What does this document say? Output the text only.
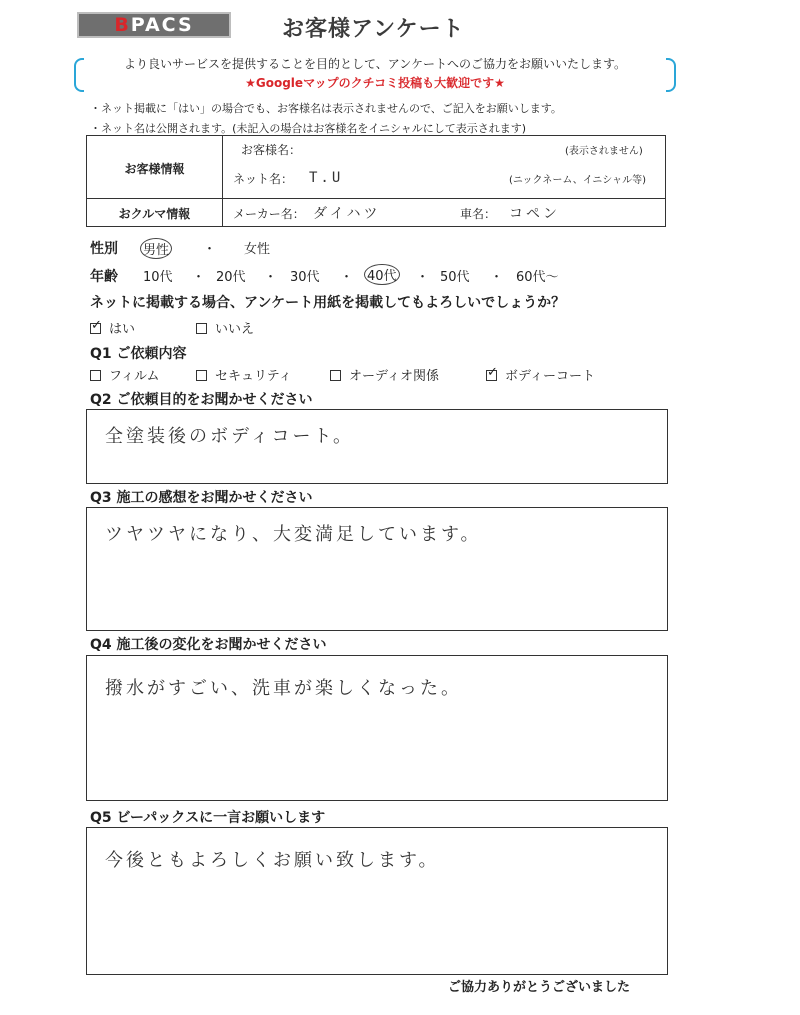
BPACS	お客様アンケート
より良いサービスを提供することを目的として、アンケートへのご協力をお願いいたします。
★Googleマップのクチコミ投稿も大歓迎です★
・ネット掲載に「はい」の場合でも、お客様名は表示されませんので、ご記入をお願いします。
・ネット名は公開されます。(未記入の場合はお客様名をイニシャルにして表示されます)
お客様情報
おクルマ情報
お客様名：	(表示されません)
ネット名： T.U	(ニックネーム、イニシャル等)
メーカー名： ダイハツ	車名： コペン
性別 男性	・ 女性
年齢 10代 ・ 20代 ・ 30代 ・ 40代 ・ 50代 ・ 60代～
ネットに掲載する場合、アンケート用紙を掲載してもよろしいでしょうか？
✓はい	いいえ
Q1 ご依頼内容
フィルム	セキュリティ	オーディオ関係
✓	ボディーコート
Q2 ご依頼目的をお聞かせください
全塗装後のボディコート。
Q3 施工の感想をお聞かせください
ツヤツヤになり、大変満足しています。
Q4 施工後の変化をお聞かせください
撥水がすごい、洗車が楽しくなった。
Q5 ビーパックスに一言お願いします
今後ともよろしくお願い致します。
ご協力ありがとうございました
